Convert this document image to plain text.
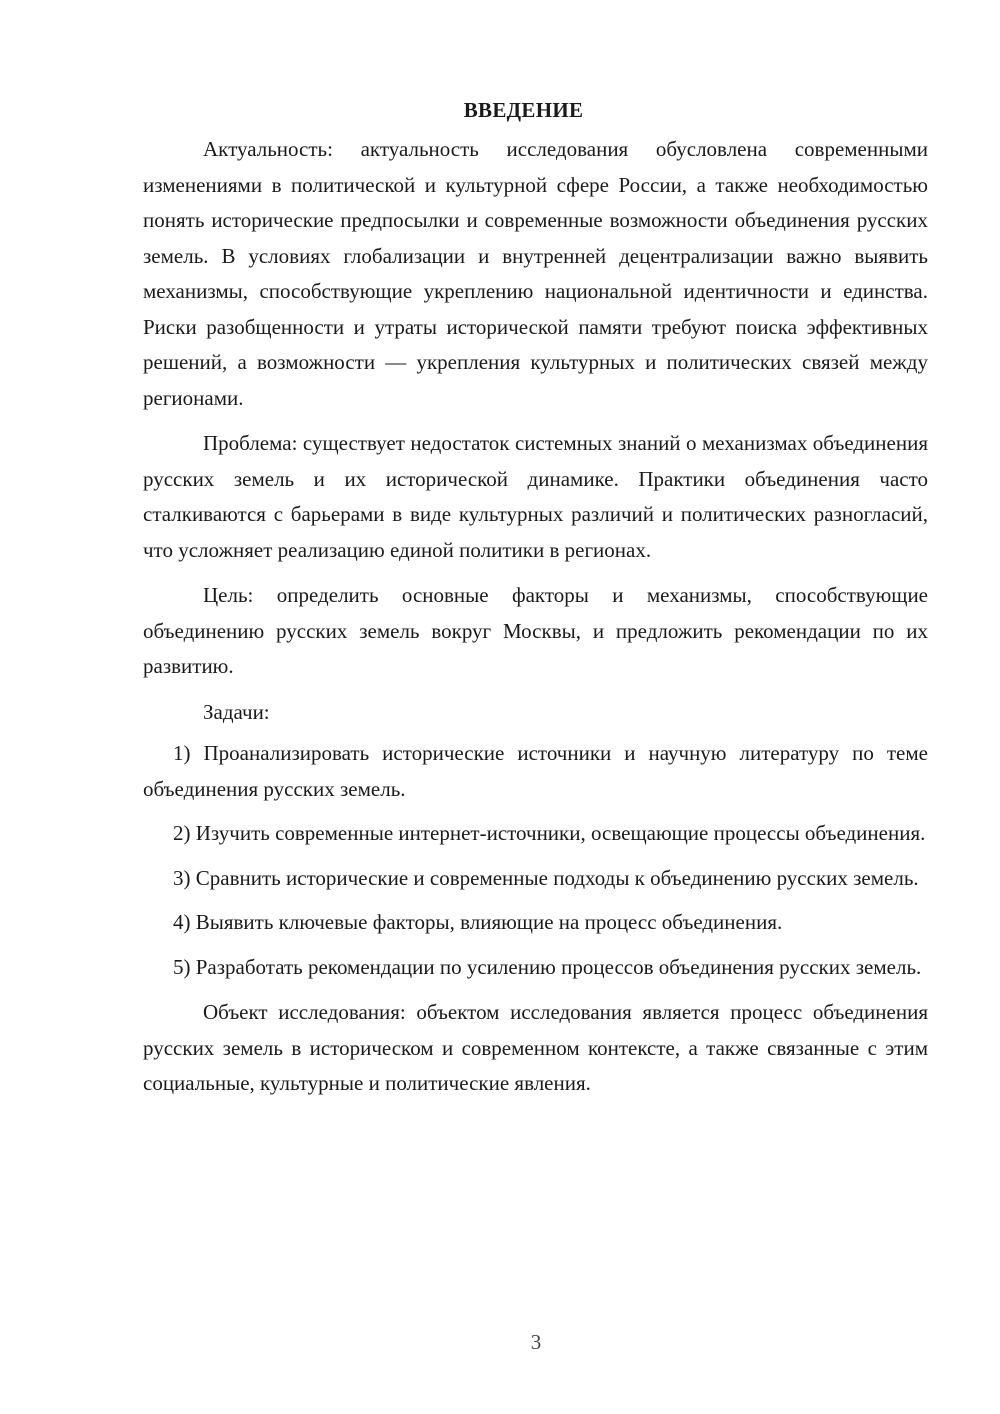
ВВЕДЕНИЕ

Актуальность: актуальность исследования обусловлена современными изменениями в политической и культурной сфере России, а также необходимостью понять исторические предпосылки и современные возможности объединения русских земель. В условиях глобализации и внутренней децентрализации важно выявить механизмы, способствующие укреплению национальной идентичности и единства. Риски разобщенности и утраты исторической памяти требуют поиска эффективных решений, а возможности — укрепления культурных и политических связей между регионами.

Проблема: существует недостаток системных знаний о механизмах объединения русских земель и их исторической динамике. Практики объединения часто сталкиваются с барьерами в виде культурных различий и политических разногласий, что усложняет реализацию единой политики в регионах.

Цель: определить основные факторы и механизмы, способствующие объединению русских земель вокруг Москвы, и предложить рекомендации по их развитию.

Задачи:

1) Проанализировать исторические источники и научную литературу по теме объединения русских земель.

2) Изучить современные интернет-источники, освещающие процессы объединения.

3) Сравнить исторические и современные подходы к объединению русских земель.

4) Выявить ключевые факторы, влияющие на процесс объединения.

5) Разработать рекомендации по усилению процессов объединения русских земель.

Объект исследования: объектом исследования является процесс объединения русских земель в историческом и современном контексте, а также связанные с этим социальные, культурные и политические явления.

3
